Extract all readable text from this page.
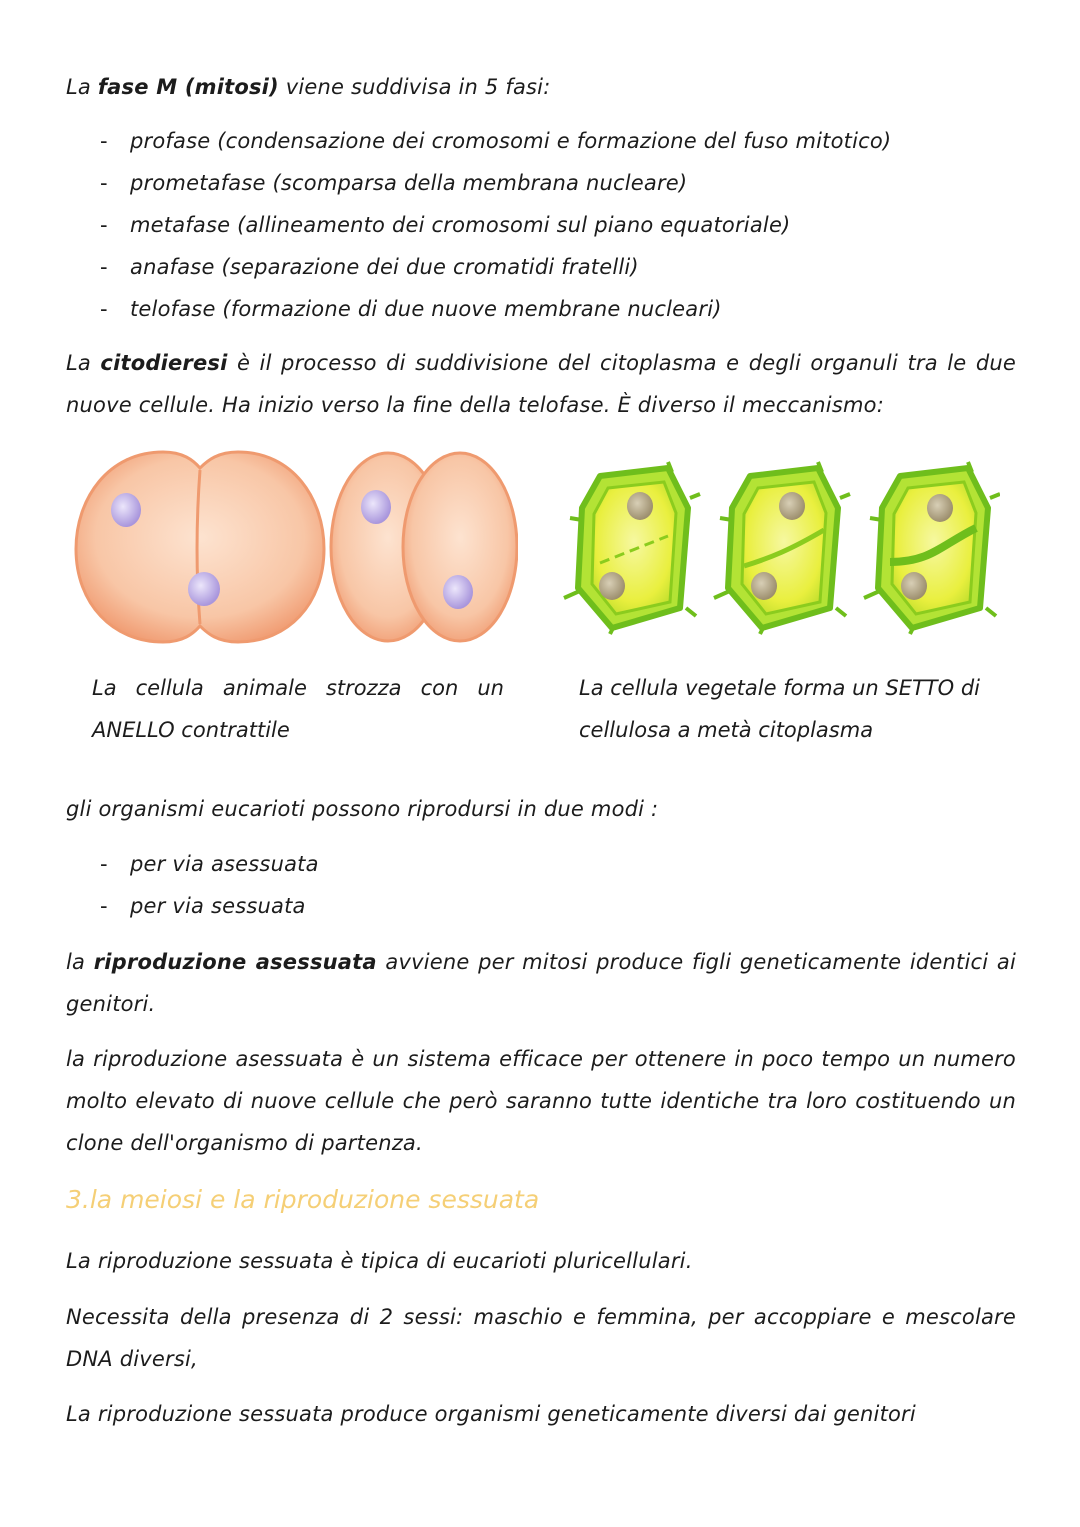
La fase M (mitosi) viene suddivisa in 5 fasi:

- profase (condensazione dei cromosomi e formazione del fuso mitotico)
- prometafase (scomparsa della membrana nucleare)
- metafase (allineamento dei cromosomi sul piano equatoriale)
- anafase (separazione dei due cromatidi fratelli)
- telofase (formazione di due nuove membrane nucleari)

La citodieresi è il processo di suddivisione del citoplasma e degli organuli tra le due nuove cellule. Ha inizio verso la fine della telofase. È diverso il meccanismo:

La cellula animale strozza con un ANELLO contrattile

La cellula vegetale forma un SETTO di cellulosa a metà citoplasma

gli organismi eucarioti possono riprodursi in due modi :

- per via asessuata
- per via sessuata

la riproduzione asessuata avviene per mitosi produce figli geneticamente identici ai genitori.

la riproduzione asessuata è un sistema efficace per ottenere in poco tempo un numero molto elevato di nuove cellule che però saranno tutte identiche tra loro costituendo un clone dell'organismo di partenza.

3.la meiosi e la riproduzione sessuata

La riproduzione sessuata è tipica di eucarioti pluricellulari.

Necessita della presenza di 2 sessi: maschio e femmina, per accoppiare e mescolare DNA diversi,

La riproduzione sessuata produce organismi geneticamente diversi dai genitori
